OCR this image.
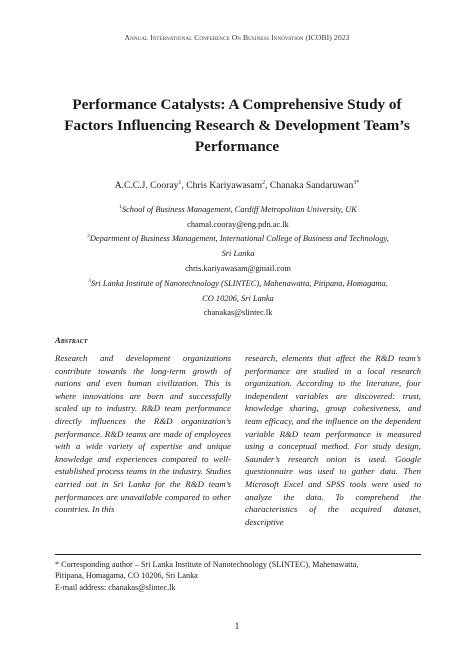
Annual International Conference On Business Innovation (ICOBI) 2023
Performance Catalysts: A Comprehensive Study of
Factors Influencing Research & Development Team’s
Performance
A.C.C.J. Cooray$^1$, Chris Kariyawasam$^2$, Chanaka Sandaruwan$^{3*}$
$^1$School of Business Management, Cardiff Metropolitan University, UK
chamal.cooray@eng.pdn.ac.lk
$^2$Department of Business Management, International College of Business and Technology,
Sri Lanka
chris.kariyawasam@gmail.com
$^3$Sri Lanka Institute of Nanotechnology (SLINTEC), Mahenawatta, Pitipana, Homagama,
CO 10206, Sri Lanka
chanakas@slintec.lk
Abstract
Research and development organizations contribute towards the long-term growth of nations and even human civilization. This is where innovations are born and successfully scaled up to industry. R&D team performance directly influences the R&D organization’s performance. R&D teams are made of employees with a wide variety of expertise and unique knowledge and experiences compared to well-established process teams in the industry. Studies carried out in Sri Lanka for the R&D team’s performances are unavailable compared to other countries. In this
research, elements that affect the R&D team’s performance are studied in a local research organization. According to the literature, four independent variables are discovered: trust, knowledge sharing, group cohesiveness, and team efficacy, and the influence on the dependent variable R&D team performance is measured using a conceptual method. For study design, Saunder’s research onion is used. Google questionnaire was used to gather data. Then Microsoft Excel and SPSS tools were used to analyze the data. To comprehend the characteristics of the acquired dataset, descriptive
* Corresponding author – Sri Lanka Institute of Nanotechnology (SLINTEC), Mahenawatta,
Pitipana, Homagama, CO 10206, Sri Lanka
E-mail address: chanakas@slintec.lk
1
